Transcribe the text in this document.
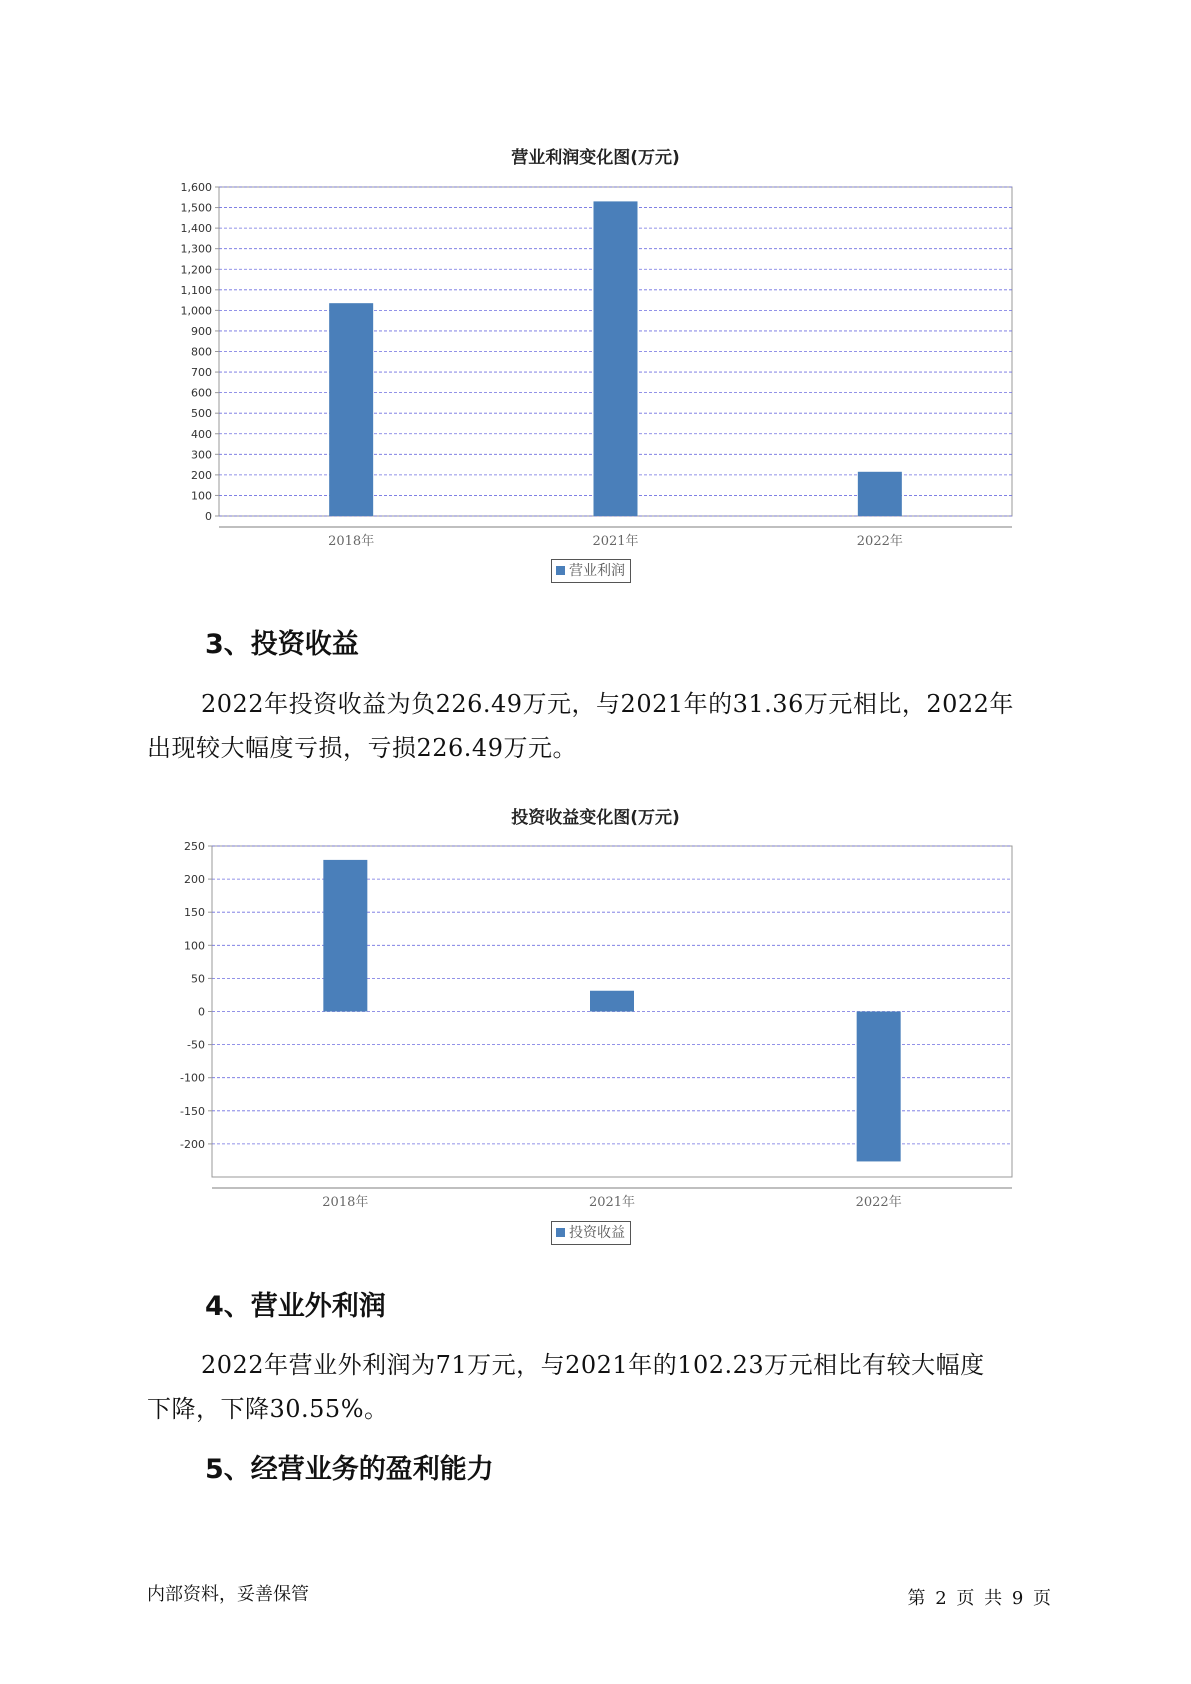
营业利润变化图(万元)
0
100
200
300
400
500
600
700
800
900
1,000
1,100
1,200
1,300
1,400
1,500
1,600
2018年	2021年	2022年
营业利润
3、投资收益
2022年投资收益为负226.49万元，与2021年的31.36万元相比，2022年
出现较大幅度亏损，亏损226.49万元。
投资收益变化图(万元)
-200
-150
-100
-50
0
50
100
150
200
250
2018年	2021年	2022年
投资收益
4、营业外利润
2022年营业外利润为71万元，与2021年的102.23万元相比有较大幅度
下降，下降30.55%。
5、经营业务的盈利能力
内部资料，妥善保管	第 2 页 共 9 页
